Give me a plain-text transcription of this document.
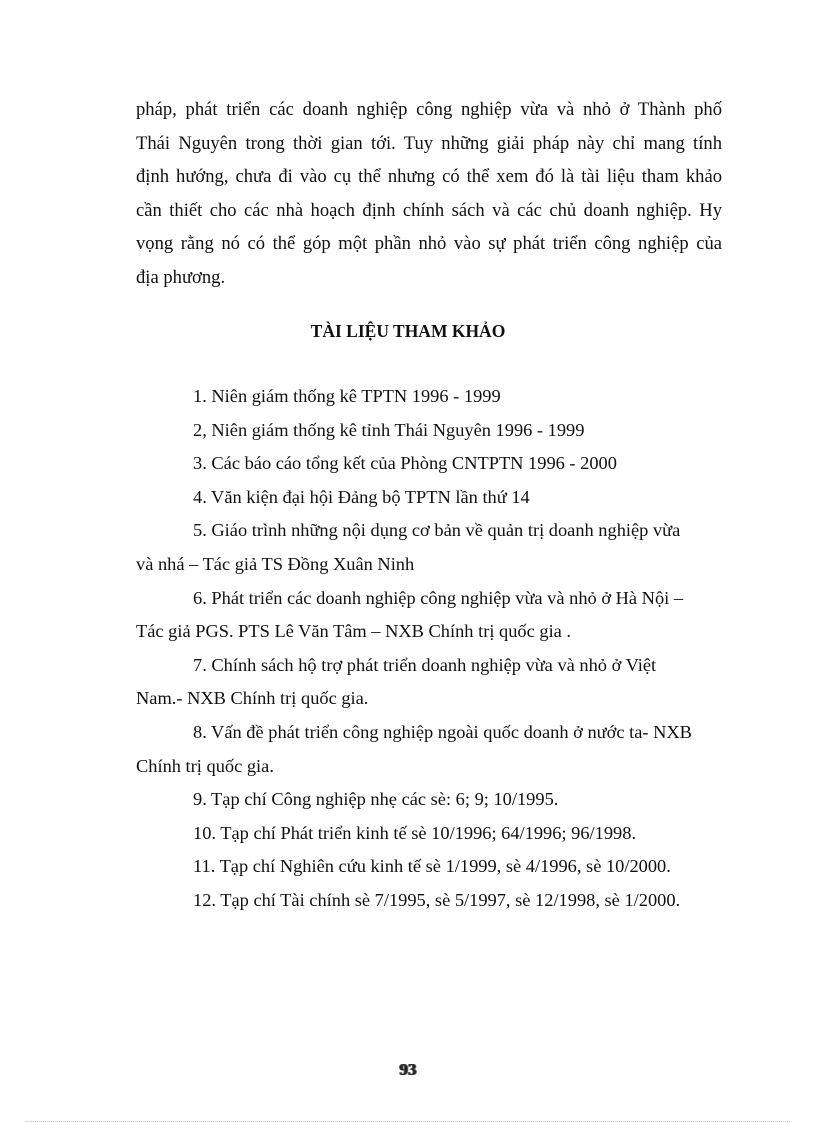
pháp, phát triển các doanh nghiệp công nghiệp vừa và nhỏ ở Thành phố
Thái Nguyên trong thời gian tới. Tuy những giải pháp này chỉ mang tính
định hướng, chưa đi vào cụ thể nhưng có thể xem đó là tài liệu tham khảo
cần thiết cho các nhà hoạch định chính sách và các chủ doanh nghiệp. Hy
vọng rằng nó có thể góp một phần nhỏ vào sự phát triển công nghiệp của
địa phương.

TÀI LIỆU THAM KHẢO
1. Niên giám thống kê TPTN 1996 - 1999
2, Niên giám thống kê tỉnh Thái Nguyên 1996 - 1999
3. Các báo cáo tổng kết của Phòng CNTPTN 1996 - 2000
4. Văn kiện đại hội Đảng bộ TPTN lần thứ 14
5. Giáo trình những nội dụng cơ bản về quản trị doanh nghiệp vừa
và nhá – Tác giả TS Đồng Xuân Ninh
6. Phát triển các doanh nghiệp công nghiệp vừa và nhỏ ở Hà Nội –
Tác giả PGS. PTS Lê Văn Tâm – NXB Chính trị quốc gia .
7. Chính sách hộ trợ phát triển doanh nghiệp vừa và nhỏ ở Việt
Nam.- NXB Chính trị quốc gia.
8. Vấn đề phát triển công nghiệp ngoài quốc doanh ở nước ta- NXB
Chính trị quốc gia.
9. Tạp chí Công nghiệp nhẹ các sè: 6; 9; 10/1995.
10. Tạp chí Phát triển kinh tế sè 10/1996; 64/1996; 96/1998.
11. Tạp chí Nghiên cứu kinh tế sè 1/1999, sè 4/1996, sè 10/2000.
12. Tạp chí Tài chính sè 7/1995, sè 5/1997, sè 12/1998, sè 1/2000.
93
